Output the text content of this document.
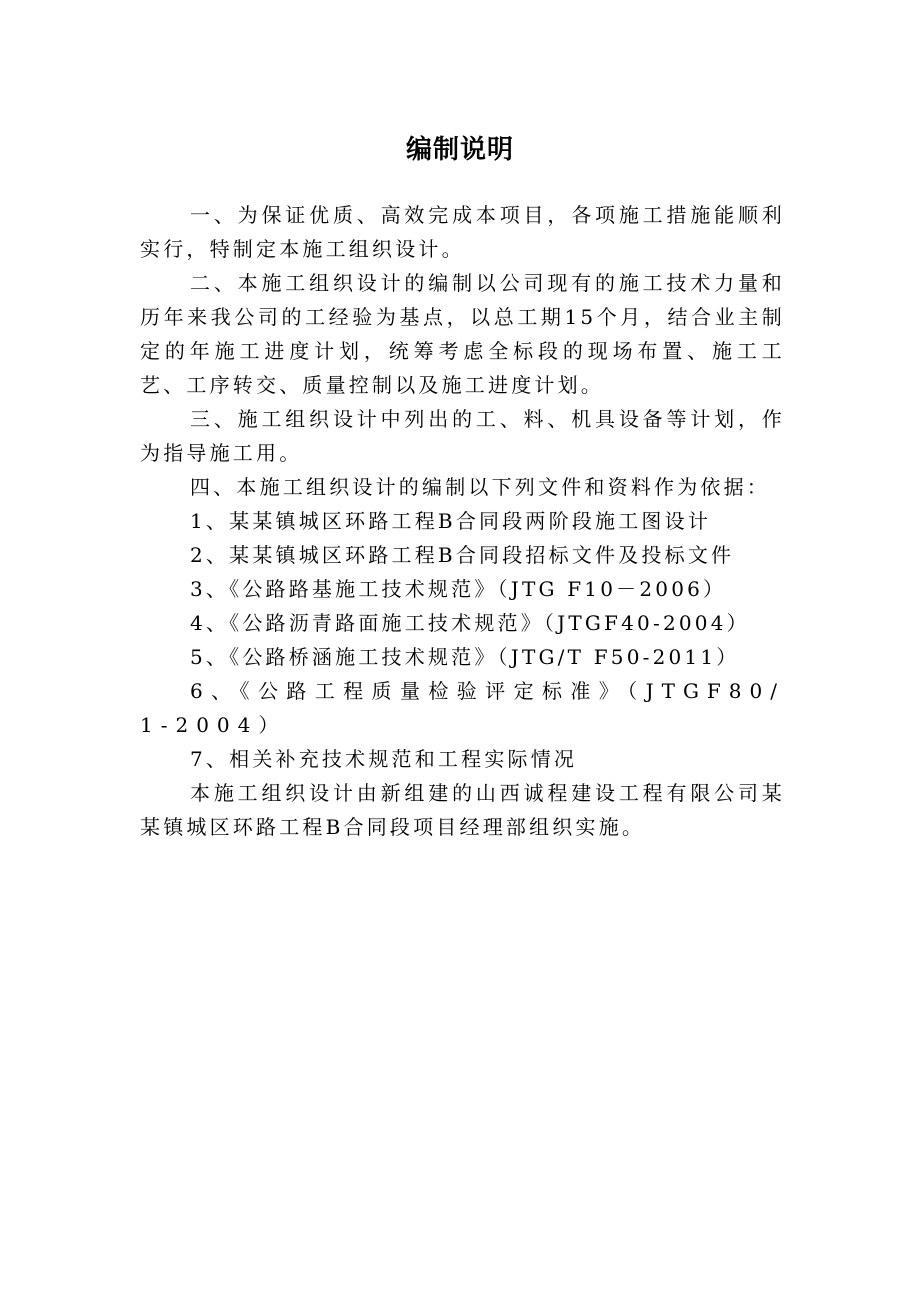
编制说明

一、为保证优质、高效完成本项目，各项施工措施能顺利实行，特制定本施工组织设计。

二、本施工组织设计的编制以公司现有的施工技术力量和历年来我公司的工经验为基点，以总工期15个月，结合业主制定的年施工进度计划，统筹考虑全标段的现场布置、施工工艺、工序转交、质量控制以及施工进度计划。

三、施工组织设计中列出的工、料、机具设备等计划，作为指导施工用。

四、本施工组织设计的编制以下列文件和资料作为依据：

1、某某镇城区环路工程B合同段两阶段施工图设计

2、某某镇城区环路工程B合同段招标文件及投标文件

3、《公路路基施工技术规范》（JTG F10－2006）

4、《公路沥青路面施工技术规范》（JTGF40-2004）

5、《公路桥涵施工技术规范》（JTG/T F50-2011）

6、《公路工程质量检验评定标准》（JTGF80/1-2004）

7、相关补充技术规范和工程实际情况

本施工组织设计由新组建的山西诚程建设工程有限公司某某镇城区环路工程B合同段项目经理部组织实施。
